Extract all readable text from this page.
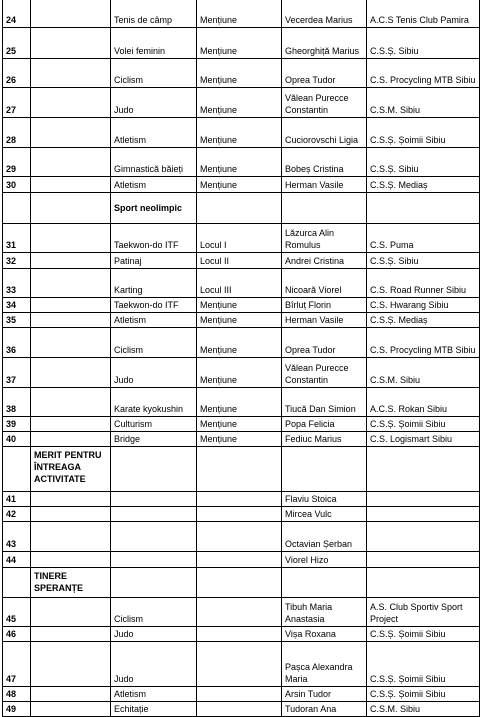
24		Tenis de câmp	Mențiune	Vecerdea Marius	A.C.S Tenis Club Pamira
25		Volei feminin	Mențiune	Gheorghiță Marius	C.S.Ș. Sibiu
26		Ciclism	Mențiune	Oprea Tudor	C.S. Procycling MTB Sibiu
27		Judo	Mențiune	Vălean Purecce Constantin	C.S.M. Sibiu
28		Atletism	Mențiune	Cuciorovschi Ligia	C.S.Ș. Șoimii Sibiu
29		Gimnastică băieți	Mențiune	Bobeș Cristina	C.S.Ș. Sibiu
30		Atletism	Mențiune	Herman Vasile	C.S.Ș. Mediaș
		Sport neolimpic			
31		Taekwon-do ITF	Locul I	Lăzurca Alin Romulus	C.S. Puma
32		Patinaj	Locul II	Andrei Cristina	C.S.Ș. Sibiu
33		Karting	Locul III	Nicoară Viorel	C.S. Road Runner Sibiu
34		Taekwon-do ITF	Mențiune	Bîrluț Florin	C.S. Hwarang Sibiu
35		Atletism	Mențiune	Herman Vasile	C.S.Ș. Mediaș
36		Ciclism	Mențiune	Oprea Tudor	C.S. Procycling MTB Sibiu
37		Judo	Mențiune	Vălean Purecce Constantin	C.S.M. Sibiu
38		Karate kyokushin	Mențiune	Tiucă Dan Simion	A.C.S. Rokan Sibiu
39		Culturism	Mențiune	Popa Felicia	C.S.Ș. Șoimii Sibiu
40		Bridge	Mențiune	Fediuc Marius	C.S. Logismart Sibiu
	MERIT PENTRU ÎNTREAGA ACTIVITATE				
41				Flaviu Stoica	
42				Mircea Vulc	
43				Octavian Șerban	
44				Viorel Hizo	
	TINERE SPERANȚE				
45		Ciclism		Tibuh Maria Anastasia	A.S. Club Sportiv Sport Project
46		Judo		Vișa Roxana	C.S.Ș. Șoimii Sibiu
47		Judo		Pașca Alexandra Maria	C.S.Ș. Șoimii Sibiu
48		Atletism		Arsin Tudor	C.S.Ș. Șoimii Sibiu
49		Echitație		Tudoran Ana	C.S.M. Sibiu
